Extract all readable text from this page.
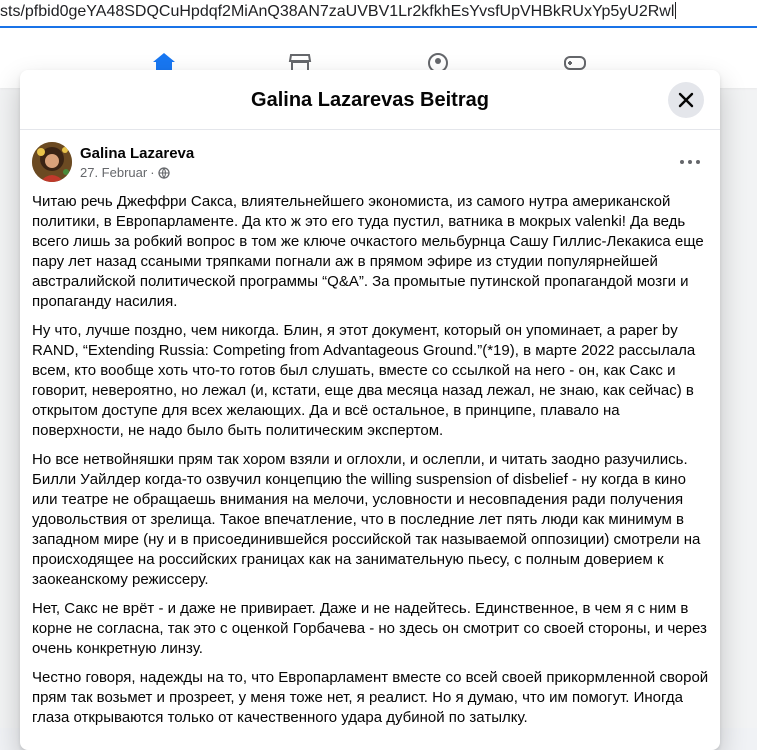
sts/pfbid0geYA48SDQCuHpdqf2MiAnQ38AN7zaUVBV1Lr2kfkhEsYvsfUpVHBkRUxYp5yU2Rwl
Galina Lazarevas Beitrag
Galina Lazareva
27. Februar ·

Читаю речь Джеффри Сакса, влиятельнейшего экономиста, из самого нутра американской политики, в Европарламенте. Да кто ж это его туда пустил, ватника в мокрых valenki! Да ведь всего лишь за робкий вопрос в том же ключе очкастого мельбурнца Сашу Гиллис-Лекакиса еще пару лет назад ссаными тряпками погнали аж в прямом эфире из студии популярнейшей австралийской политической программы “Q&A”. За промытые путинской пропагандой мозги и пропаганду насилия.

Ну что, лучше поздно, чем никогда. Блин, я этот документ, который он упоминает, a paper by RAND, “Extending Russia: Competing from Advantageous Ground.”(*19), в марте 2022 рассылала всем, кто вообще хоть что-то готов был слушать, вместе со ссылкой на него - он, как Сакс и говорит, невероятно, но лежал (и, кстати, еще два месяца назад лежал, не знаю, как сейчас) в открытом доступе для всех желающих. Да и всё остальное, в принципе, плавало на поверхности, не надо было быть политическим экспертом.

Но все нетвойняшки прям так хором взяли и оглохли, и ослепли, и читать заодно разучились. Билли Уайлдер когда-то озвучил концепцию the willing suspension of disbelief - ну когда в кино или театре не обращаешь внимания на мелочи, условности и несовпадения ради получения удовольствия от зрелища. Такое впечатление, что в последние лет пять люди как минимум в западном мире (ну и в присоединившейся российской так называемой оппозиции) смотрели на происходящее на российских границах как на занимательную пьесу, с полным доверием к заокеанскому режиссеру.

Нет, Сакс не врёт - и даже не привирает. Даже и не надейтесь. Единственное, в чем я с ним в корне не согласна, так это с оценкой Горбачева - но здесь он смотрит со своей стороны, и через очень конкретную линзу.

Честно говоря, надежды на то, что Европарламент вместе со всей своей прикормленной сворой прям так возьмет и прозреет, у меня тоже нет, я реалист. Но я думаю, что им помогут. Иногда глаза открываются только от качественного удара дубиной по затылку.
